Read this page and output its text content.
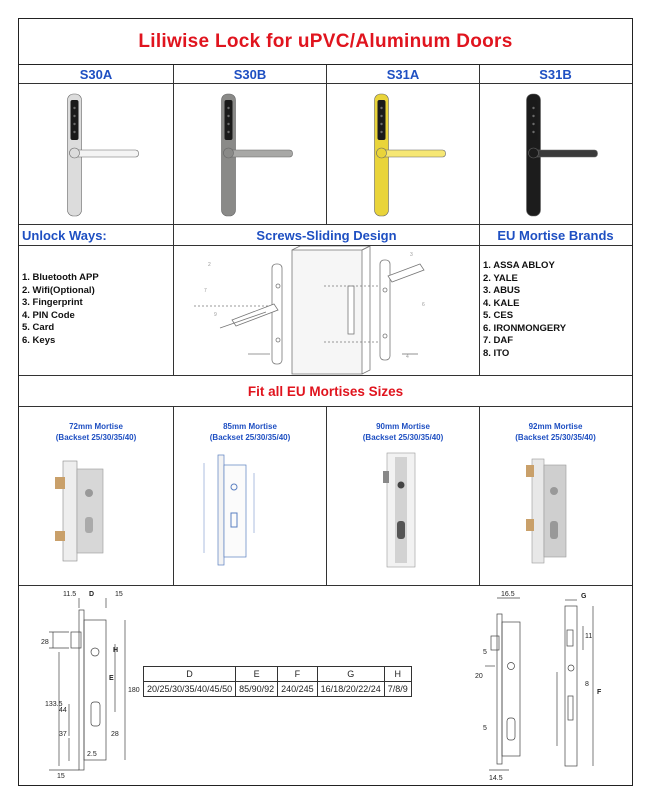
Liliwise Lock for uPVC/Aluminum Doors
S30A	S30B	S31A	S31B
Unlock Ways:	Screws-Sliding Design	EU Mortise Brands
1. Bluetooth APP
2. Wifi(Optional)
3. Fingerprint
4. PIN Code
5. Card
6. Keys
2
7
9
3
6
4
1. ASSA ABLOY
2. YALE
3. ABUS
4. KALE
5. CES
6. IRONMONGERY
7. DAF
8. ITO
Fit all EU Mortises Sizes
72mm Mortise
(Backset 25/30/35/40)
85mm Mortise
(Backset 25/30/35/40)
90mm Mortise
(Backset 25/30/35/40)
92mm Mortise
(Backset 25/30/35/40)
11.5 D	15
28
H
E
180
133.5
44
37	28
2.5
15
D	E	F	G	H
20/25/30/35/40/45/50	85/90/92	240/245	16/18/20/22/24	7/8/9
16.5	G
11
5
20
8
F
5
14.5
